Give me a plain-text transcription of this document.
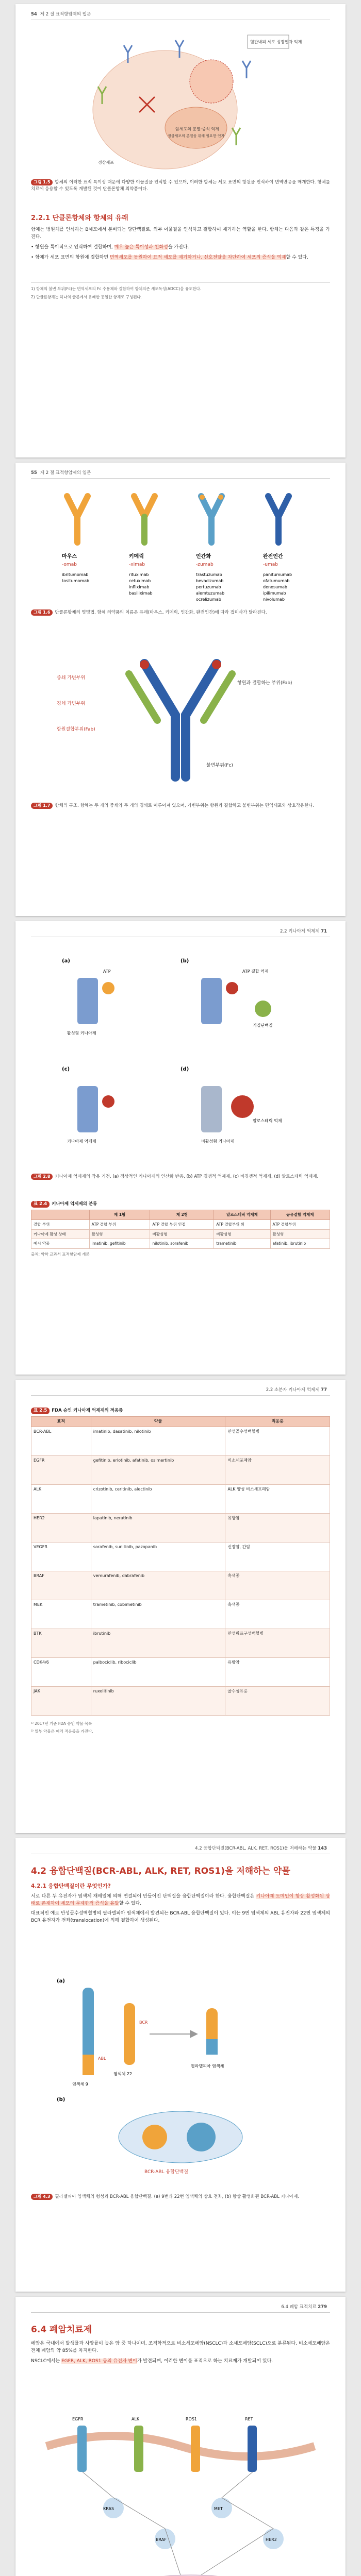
54 제 2 절 표적항암제의 입문
혈관내피 세포 성장인자 억제
암세포의 분열·증식 억제
정상세포의 분열을 위해 필요한 인자
정상세포

그림 1.5 항체의 이러한 표적 특이성 때문에 다양한 이물질을 인식할 수 있으며, 이러한 항체는 세포 표면의 항원을 인식하여 면역반응을 매개한다. 항체를 치료에 응용할 수 있도록 개발된 것이 단클론항체 의약품이다.

2.2.1 단클론항체와 항체의 유래

항체는 병원체를 인식하는 B세포에서 분비되는 당단백질로, 외부 이물질을 인식하고 결합하여 제거하는 역할을 한다. 항체는 다음과 같은 특징을 가진다.

• 항원을 특이적으로 인식하여 결합하며, 매우 높은 특이성과 친화성을 가진다.

• 항체가 세포 표면의 항원에 결합하면 면역세포를 동원하여 표적 세포를 제거하거나, 신호전달을 차단하여 세포의 증식을 억제할 수 있다.

1) 항체의 불변 부위(Fc)는 면역세포의 Fc 수용체와 결합하여 항체의존 세포독성(ADCC)을 유도한다.

2) 단클론항체는 하나의 클론에서 유래한 동일한 항체로 구성된다.

55 제 2 절 표적항암제의 입문
마우스
-omab
ibritumomab
tositumomab
키메릭
-ximab
rituximab
cetuximab
infliximab
basiliximab
인간화
-zumab
trastuzumab
bevacizumab
pertuzumab
alemtuzumab
ocrelizumab
완전인간
-umab
panitumumab
ofatumumab
denosumab
ipilimumab
nivolumab

그림 1.6 단클론항체의 명명법. 항체 의약품의 이름은 유래(마우스, 키메릭, 인간화, 완전인간)에 따라 접미사가 달라진다.

중쇄 가변부위
경쇄 가변부위
항원결합부위(Fab)
항원과 결합하는 부위(Fab)
불변부위(Fc)

그림 1.7 항체의 구조. 항체는 두 개의 중쇄와 두 개의 경쇄로 이루어져 있으며, 가변부위는 항원과 결합하고 불변부위는 면역세포와 상호작용한다.

2.2 키나아제 억제제 71
(a)
ATP
활성형 키나아제
(b)
ATP 결합 억제
기질단백질
(c)
키나아제 억제제
(d)
비활성형 키나아제
알로스테릭 억제

그림 2.8 키나아제 억제제의 작용 기전. (a) 정상적인 키나아제의 인산화 반응, (b) ATP 경쟁적 억제제, (c) 비경쟁적 억제제, (d) 알로스테릭 억제제.

표 2.4 키나아제 억제제의 분류
	제 1형	제 2형	알로스테릭 억제제	공유결합 억제제
결합 부위	ATP 결합 부위	ATP 결합 부위 인접	ATP 결합부위 외	ATP 결합부위
키나아제 활성 상태	활성형	비활성형	비활성형	활성형
예시 약물	imatinib, gefitinib	nilotinib, sorafenib	trametinib	afatinib, ibrutinib

출처: 약학 교과서 표적항암제 개론

2.2 소분자 키나아제 억제제 77
표 2.5 FDA 승인 키나아제 억제제의 적응증
표적	약물	적응증
BCR-ABL	imatinib, dasatinib, nilotinib	만성골수성백혈병
EGFR	gefitinib, erlotinib, afatinib, osimertinib	비소세포폐암
ALK	crizotinib, ceritinib, alectinib	ALK 양성 비소세포폐암
HER2	lapatinib, neratinib	유방암
VEGFR	sorafenib, sunitinib, pazopanib	신장암, 간암
BRAF	vemurafenib, dabrafenib	흑색종
MEK	trametinib, cobimetinib	흑색종
BTK	ibrutinib	만성림프구성백혈병
CDK4/6	palbociclib, ribociclib	유방암
JAK	ruxolitinib	골수섬유증

¹⁾ 2017년 기준 FDA 승인 약물 목록

²⁾ 일부 약물은 여러 적응증을 가진다.

4.2 융합단백질(BCR-ABL, ALK, RET, ROS1)을 저해하는 약물 143
4.2 융합단백질(BCR-ABL, ALK, RET, ROS1)을 저해하는 약물
4.2.1 융합단백질이란 무엇인가?

서로 다른 두 유전자가 염색체 재배열에 의해 연결되어 만들어진 단백질을 융합단백질이라 한다. 융합단백질은 키나아제 도메인이 항상 활성화된 상태로 존재하여 세포의 무제한적 증식을 유발할 수 있다.

대표적인 예로 만성골수성백혈병의 필라델피아 염색체에서 발견되는 BCR-ABL 융합단백질이 있다. 이는 9번 염색체의 ABL 유전자와 22번 염색체의 BCR 유전자가 전좌(translocation)에 의해 결합하여 생성된다.

(a)
염색체 9
염색체 22
ABL
BCR
필라델피아 염색체
(b)
BCR-ABL 융합단백질

그림 4.3 필라델피아 염색체의 형성과 BCR-ABL 융합단백질. (a) 9번과 22번 염색체의 상호 전좌, (b) 항상 활성화된 BCR-ABL 키나아제.

6.4 폐암 표적치료 279
6.4 폐암치료제

폐암은 국내에서 발생률과 사망률이 높은 암 중 하나이며, 조직학적으로 비소세포폐암(NSCLC)과 소세포폐암(SCLC)으로 분류된다. 비소세포폐암은 전체 폐암의 약 85%를 차지한다.

NSCLC에서는 EGFR, ALK, ROS1 등의 유전자 변이가 발견되며, 이러한 변이를 표적으로 하는 치료제가 개발되어 있다.

EGFR	ALK	ROS1	RET
KRAS
BRAF
MET
HER2
